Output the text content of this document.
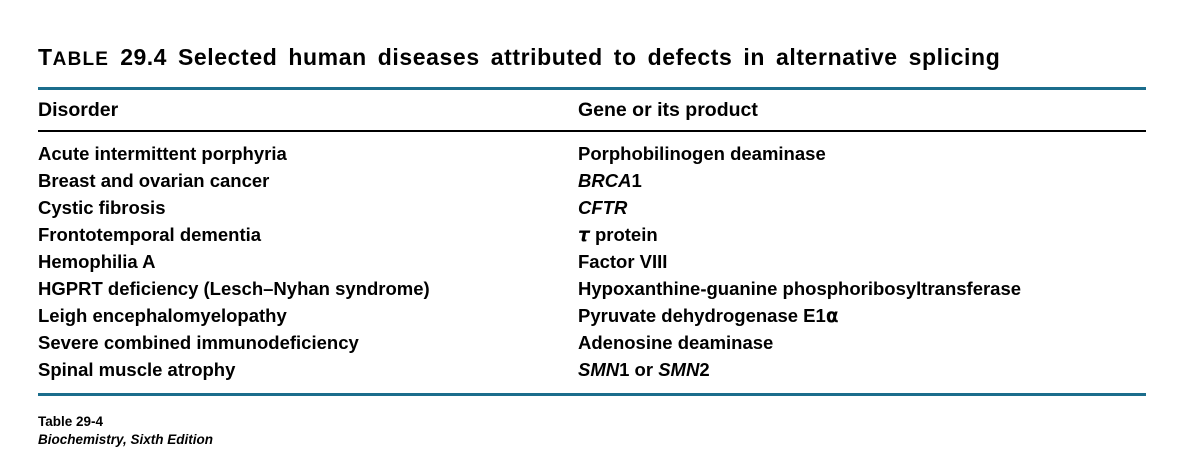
TABLE 29.4 Selected human diseases attributed to defects in alternative splicing
Disorder	Gene or its product
Acute intermittent porphyria	Porphobilinogen deaminase
Breast and ovarian cancer	BRCA1
Cystic fibrosis	CFTR
Frontotemporal dementia	τ protein
Hemophilia A	Factor VIII
HGPRT deficiency (Lesch–Nyhan syndrome)	Hypoxanthine-guanine phosphoribosyltransferase
Leigh encephalomyelopathy	Pyruvate dehydrogenase E1α
Severe combined immunodeficiency	Adenosine deaminase
Spinal muscle atrophy	SMN1 or SMN2
Table 29-4
Biochemistry, Sixth Edition
